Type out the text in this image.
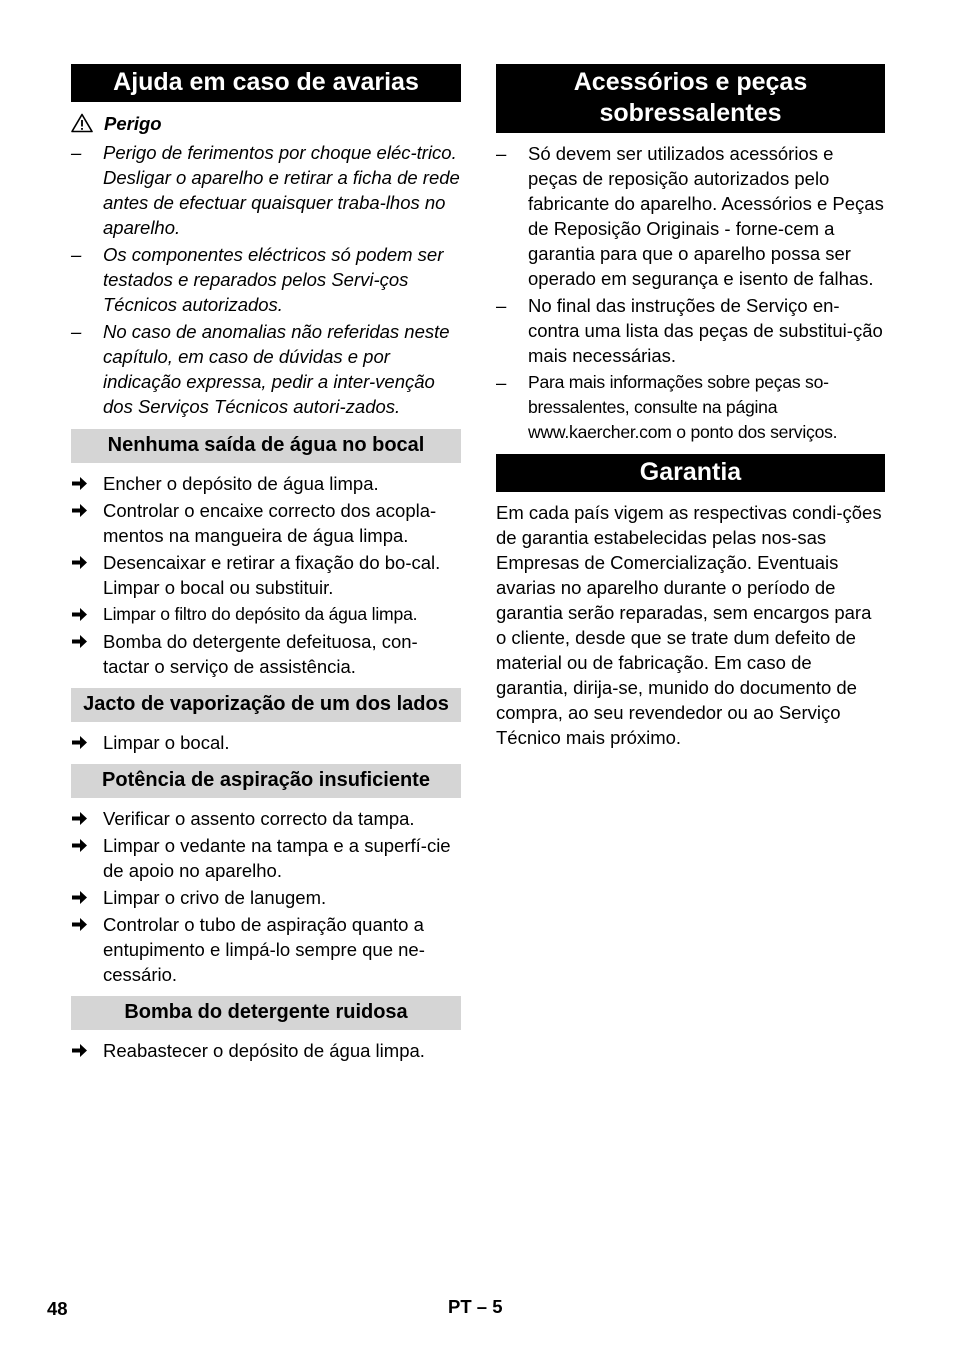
Ajuda em caso de avarias
Perigo
–
Perigo de ferimentos por choque eléc-trico.
Desligar o aparelho e retirar a ficha de rede antes de efectuar quaisquer traba-lhos no aparelho.
–
Os componentes eléctricos só podem ser testados e reparados pelos Servi-ços Técnicos autorizados.
–
No caso de anomalias não referidas neste capítulo, em caso de dúvidas e por indicação expressa, pedir a inter-venção dos Serviços Técnicos autori-zados.
Nenhuma saída de água no bocal
Encher o depósito de água limpa.
Controlar o encaixe correcto dos acopla-mentos na mangueira de água limpa.
Desencaixar e retirar a fixação do bo-cal. Limpar o bocal ou substituir.
Limpar o filtro do depósito da água limpa.
Bomba do detergente defeituosa, con-tactar o serviço de assistência.
Jacto de vaporização de um dos lados
Limpar o bocal.
Potência de aspiração insuficiente
Verificar o assento correcto da tampa.
Limpar o vedante na tampa e a superfí-cie de apoio no aparelho.
Limpar o crivo de lanugem.
Controlar o tubo de aspiração quanto a entupimento e limpá-lo sempre que ne-cessário.
Bomba do detergente ruidosa
Reabastecer o depósito de água limpa.
Acessórios e peças sobressalentes
–
Só devem ser utilizados acessórios e peças de reposição autorizados pelo fabricante do aparelho. Acessórios e Peças de Reposição Originais - forne-cem a garantia para que o aparelho possa ser operado em segurança e isento de falhas.
–
No final das instruções de Serviço en-contra uma lista das peças de substitui-ção mais necessárias.
–
Para mais informações sobre peças so-bressalentes, consulte na página www.kaercher.com o ponto dos serviços.
Garantia

Em cada país vigem as respectivas condi-ções de garantia estabelecidas pelas nos-sas Empresas de Comercialização. Eventuais avarias no aparelho durante o período de garantia serão reparadas, sem encargos para o cliente, desde que se trate dum defeito de material ou de fabricação. Em caso de garantia, dirija-se, munido do documento de compra, ao seu revendedor ou ao Serviço Técnico mais próximo.

48	PT – 5
